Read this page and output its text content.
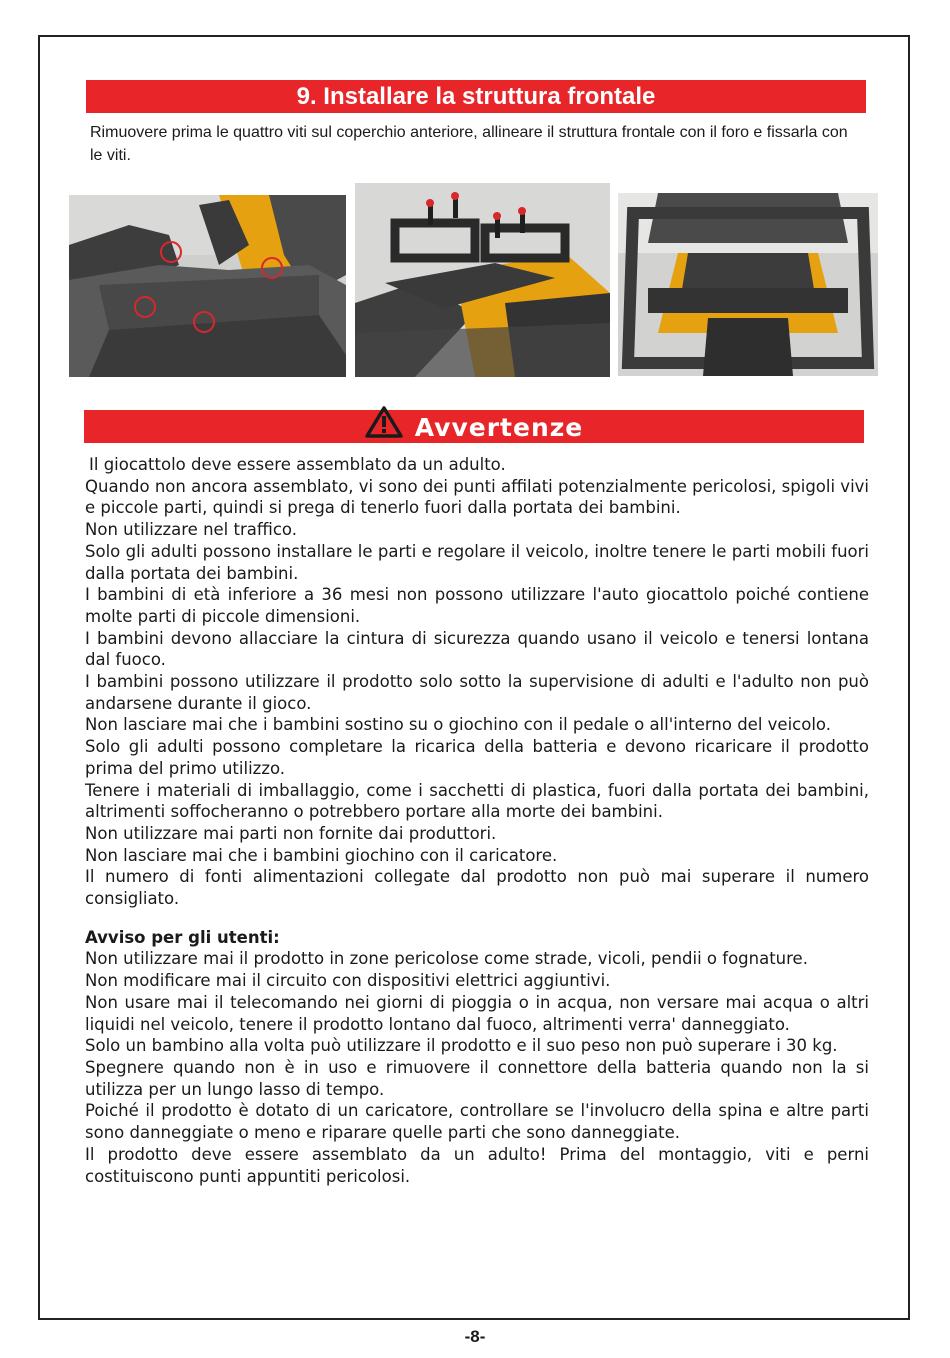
9. Installare la struttura frontale
Rimuovere prima le quattro viti sul coperchio anteriore, allineare il struttura frontale con il foro e fissarla con le viti.
Avvertenze

Il giocattolo deve essere assemblato da un adulto.

Quando non ancora assemblato, vi sono dei punti affilati potenzialmente pericolosi, spigoli vivi e piccole parti, quindi si prega di tenerlo fuori dalla portata dei bambini.

Non utilizzare nel traffico.

Solo gli adulti possono installare le parti e regolare il veicolo, inoltre tenere le parti mobili fuori dalla portata dei bambini.

I bambini di età inferiore a 36 mesi non possono utilizzare l'auto giocattolo poiché contiene molte parti di piccole dimensioni.

I bambini devono allacciare la cintura di sicurezza quando usano il veicolo e tenersi lontana dal fuoco.

I bambini possono utilizzare il prodotto solo sotto la supervisione di adulti e l'adulto non può andarsene durante il gioco.

Non lasciare mai che i bambini sostino su o giochino con il pedale o all'interno del veicolo.

Solo gli adulti possono completare la ricarica della batteria e devono ricaricare il prodotto prima del primo utilizzo.

Tenere i materiali di imballaggio, come i sacchetti di plastica, fuori dalla portata dei bambini, altrimenti soffocheranno o potrebbero portare alla morte dei bambini.

Non utilizzare mai parti non fornite dai produttori.

Non lasciare mai che i bambini giochino con il caricatore.

Il numero di fonti alimentazioni collegate dal prodotto non può mai superare il numero consigliato.

Avviso per gli utenti:

Non utilizzare mai il prodotto in zone pericolose come strade, vicoli, pendii o fognature.

Non modificare mai il circuito con dispositivi elettrici aggiuntivi.

Non usare mai il telecomando nei giorni di pioggia o in acqua, non versare mai acqua o altri liquidi nel veicolo, tenere il prodotto lontano dal fuoco, altrimenti verra' danneggiato.

Solo un bambino alla volta può utilizzare il prodotto e il suo peso non può superare i 30 kg.

Spegnere quando non è in uso e rimuovere il connettore della batteria quando non la si utilizza per un lungo lasso di tempo.

Poiché il prodotto è dotato di un caricatore, controllare se l'involucro della spina e altre parti sono danneggiate o meno e riparare quelle parti che sono danneggiate.

Il prodotto deve essere assemblato da un adulto! Prima del montaggio, viti e perni costituiscono punti appuntiti pericolosi.

-8-
